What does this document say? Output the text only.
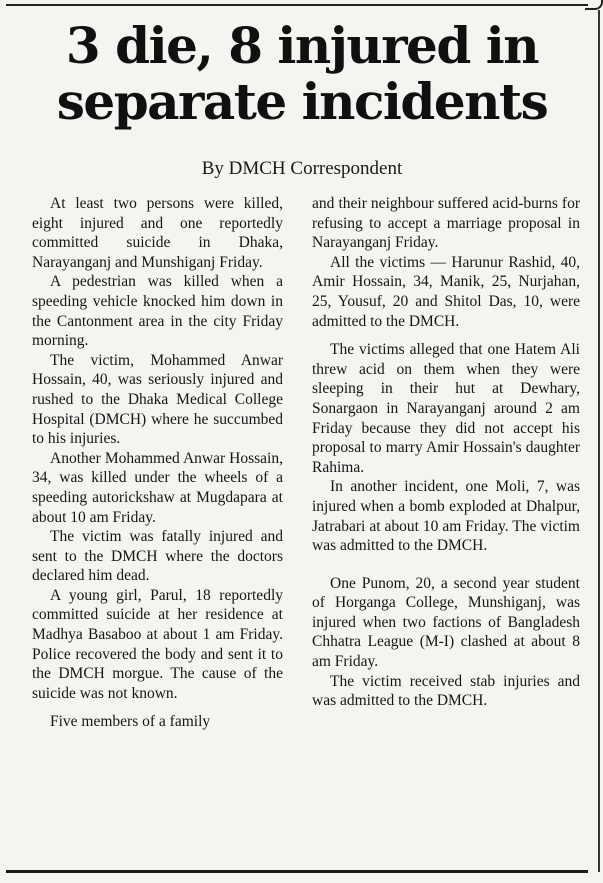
3 die, 8 injured in
separate incidents
By DMCH Correspondent

At least two persons were killed, eight injured and one reportedly committed suicide in Dhaka, Narayanganj and Munshiganj Friday.

A pedestrian was killed when a speeding vehicle knocked him down in the Cantonment area in the city Friday morning.

The victim, Mohammed Anwar Hossain, 40, was seriously injured and rushed to the Dhaka Medical College Hospital (DMCH) where he succumbed to his injuries.

Another Mohammed Anwar Hossain, 34, was killed under the wheels of a speeding autorickshaw at Mugdapara at about 10 am Friday.

The victim was fatally injured and sent to the DMCH where the doctors declared him dead.

A young girl, Parul, 18 reportedly committed suicide at her residence at Madhya Basaboo at about 1 am Friday. Police recovered the body and sent it to the DMCH morgue. The cause of the suicide was not known.

Five members of a family

and their neighbour suffered acid-burns for refusing to accept a marriage proposal in Narayanganj Friday.

All the victims — Harunur Rashid, 40, Amir Hossain, 34, Manik, 25, Nurjahan, 25, Yousuf, 20 and Shitol Das, 10, were admitted to the DMCH.

The victims alleged that one Hatem Ali threw acid on them when they were sleeping in their hut at Dewhary, Sonargaon in Narayanganj around 2 am Friday because they did not accept his proposal to marry Amir Hossain's daughter Rahima.

In another incident, one Moli, 7, was injured when a bomb exploded at Dhalpur, Jatrabari at about 10 am Friday. The victim was admitted to the DMCH.

One Punom, 20, a second year student of Horganga College, Munshiganj, was injured when two factions of Bangladesh Chhatra League (M-I) clashed at about 8 am Friday.

The victim received stab injuries and was admitted to the DMCH.
